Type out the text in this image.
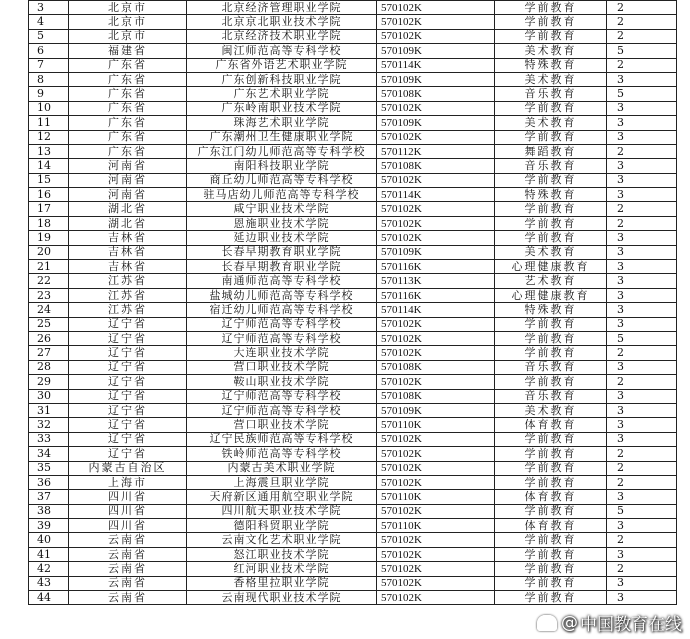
3	北京市	北京经济管理职业学院	570102K	学前教育	2
4	北京市	北京京北职业技术学院	570102K	学前教育	2
5	北京市	北京经济技术职业学院	570102K	学前教育	2
6	福建省	闽江师范高等专科学校	570109K	美术教育	5
7	广东省	广东省外语艺术职业学院	570114K	特殊教育	2
8	广东省	广东创新科技职业学院	570109K	美术教育	3
9	广东省	广东艺术职业学院	570108K	音乐教育	5
10	广东省	广东岭南职业技术学院	570102K	学前教育	3
11	广东省	珠海艺术职业学院	570109K	美术教育	3
12	广东省	广东潮州卫生健康职业学院	570102K	学前教育	3
13	广东省	广东江门幼儿师范高等专科学校	570112K	舞蹈教育	2
14	河南省	南阳科技职业学院	570108K	音乐教育	3
15	河南省	商丘幼儿师范高等专科学校	570102K	学前教育	3
16	河南省	驻马店幼儿师范高等专科学校	570114K	特殊教育	3
17	湖北省	咸宁职业技术学院	570102K	学前教育	2
18	湖北省	恩施职业技术学院	570102K	学前教育	2
19	吉林省	延边职业技术学院	570102K	学前教育	3
20	吉林省	长春早期教育职业学院	570109K	美术教育	3
21	吉林省	长春早期教育职业学院	570116K	心理健康教育	3
22	江苏省	南通师范高等专科学校	570113K	艺术教育	3
23	江苏省	盐城幼儿师范高等专科学校	570116K	心理健康教育	3
24	江苏省	宿迁幼儿师范高等专科学校	570114K	特殊教育	3
25	辽宁省	辽宁师范高等专科学校	570102K	学前教育	3
26	辽宁省	辽宁师范高等专科学校	570102K	学前教育	5
27	辽宁省	大连职业技术学院	570102K	学前教育	2
28	辽宁省	营口职业技术学院	570108K	音乐教育	3
29	辽宁省	鞍山职业技术学院	570102K	学前教育	2
30	辽宁省	辽宁师范高等专科学校	570108K	音乐教育	3
31	辽宁省	辽宁师范高等专科学校	570109K	美术教育	3
32	辽宁省	营口职业技术学院	570110K	体育教育	3
33	辽宁省	辽宁民族师范高等专科学校	570102K	学前教育	3
34	辽宁省	铁岭师范高等专科学校	570102K	学前教育	2
35	内蒙古自治区	内蒙古美术职业学院	570102K	学前教育	2
36	上海市	上海震旦职业学院	570102K	学前教育	2
37	四川省	天府新区通用航空职业学院	570110K	体育教育	3
38	四川省	四川航天职业技术学院	570102K	学前教育	5
39	四川省	德阳科贸职业学院	570110K	体育教育	3
40	云南省	云南文化艺术职业学院	570102K	学前教育	2
41	云南省	怒江职业技术学院	570102K	学前教育	3
42	云南省	红河职业技术学院	570102K	学前教育	2
43	云南省	香格里拉职业学院	570102K	学前教育	3
44	云南省	云南现代职业技术学院	570102K	学前教育	3
@ 中国教育在线
